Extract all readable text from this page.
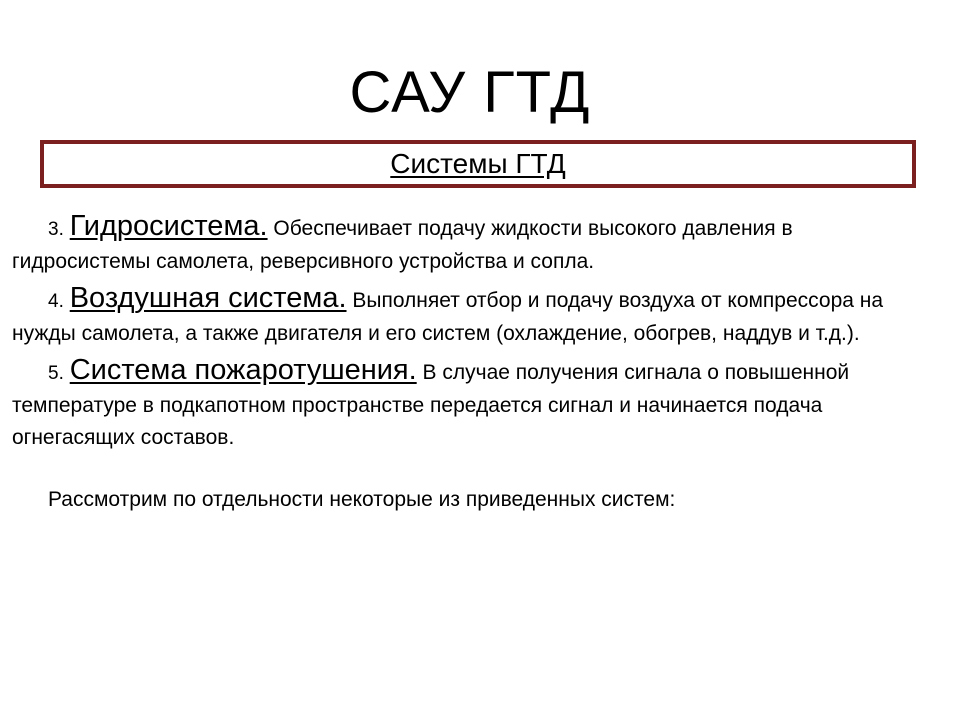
САУ ГТД
Системы ГТД

3. Гидросистема. Обеспечивает подачу жидкости высокого давления в гидросистемы самолета, реверсивного устройства и сопла.

4. Воздушная система. Выполняет отбор и подачу воздуха от компрессора на нужды самолета, а также двигателя и его систем (охлаждение, обогрев, наддув и т.д.).

5. Система пожаротушения. В случае получения сигнала о повышенной температуре в подкапотном пространстве передается сигнал и начинается подача огнегасящих составов.

Рассмотрим по отдельности некоторые из приведенных систем:
